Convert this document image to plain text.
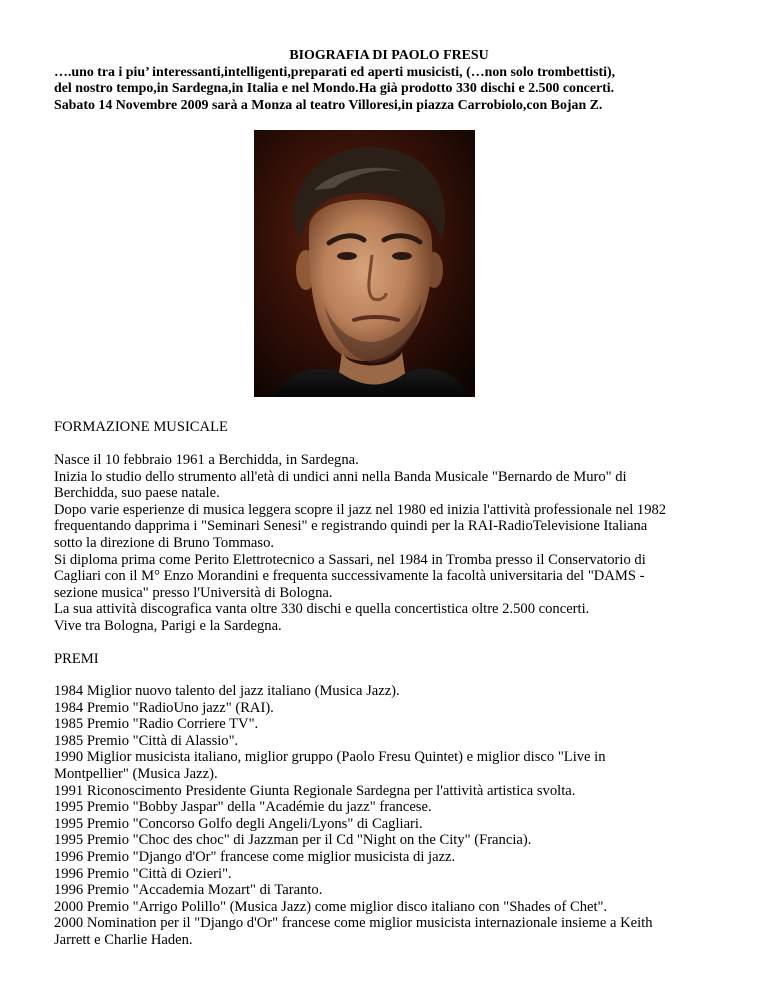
BIOGRAFIA DI PAOLO FRESU
….uno tra i piu’ interessanti,intelligenti,preparati ed aperti musicisti, (…non solo trombettisti),
del nostro tempo,in Sardegna,in Italia e nel Mondo.Ha già prodotto 330 dischi e 2.500 concerti.
Sabato 14 Novembre 2009 sarà a Monza al teatro Villoresi,in piazza Carrobiolo,con Bojan Z.
FORMAZIONE MUSICALE
Nasce il 10 febbraio 1961 a Berchidda, in Sardegna.
Inizia lo studio dello strumento all'età di undici anni nella Banda Musicale "Bernardo de Muro" di
Berchidda, suo paese natale.
Dopo varie esperienze di musica leggera scopre il jazz nel 1980 ed inizia l'attività professionale nel 1982
frequentando dapprima i "Seminari Senesi" e registrando quindi per la RAI-RadioTelevisione Italiana
sotto la direzione di Bruno Tommaso.
Si diploma prima come Perito Elettrotecnico a Sassari, nel 1984 in Tromba presso il Conservatorio di
Cagliari con il M° Enzo Morandini e frequenta successivamente la facoltà universitaria del "DAMS -
sezione musica" presso l'Università di Bologna.
La sua attività discografica vanta oltre 330 dischi e quella concertistica oltre 2.500 concerti.
Vive tra Bologna, Parigi e la Sardegna.
PREMI
1984 Miglior nuovo talento del jazz italiano (Musica Jazz).
1984 Premio "RadioUno jazz" (RAI).
1985 Premio "Radio Corriere TV".
1985 Premio "Città di Alassio".
1990 Miglior musicista italiano, miglior gruppo (Paolo Fresu Quintet) e miglior disco "Live in
Montpellier" (Musica Jazz).
1991 Riconoscimento Presidente Giunta Regionale Sardegna per l'attività artistica svolta.
1995 Premio "Bobby Jaspar" della "Académie du jazz" francese.
1995 Premio "Concorso Golfo degli Angeli/Lyons" di Cagliari.
1995 Premio "Choc des choc" di Jazzman per il Cd "Night on the City" (Francia).
1996 Premio "Django d'Or" francese come miglior musicista di jazz.
1996 Premio "Città di Ozieri".
1996 Premio "Accademia Mozart" di Taranto.
2000 Premio "Arrigo Polillo" (Musica Jazz) come miglior disco italiano con "Shades of Chet".
2000 Nomination per il "Django d'Or" francese come miglior musicista internazionale insieme a Keith
Jarrett e Charlie Haden.
